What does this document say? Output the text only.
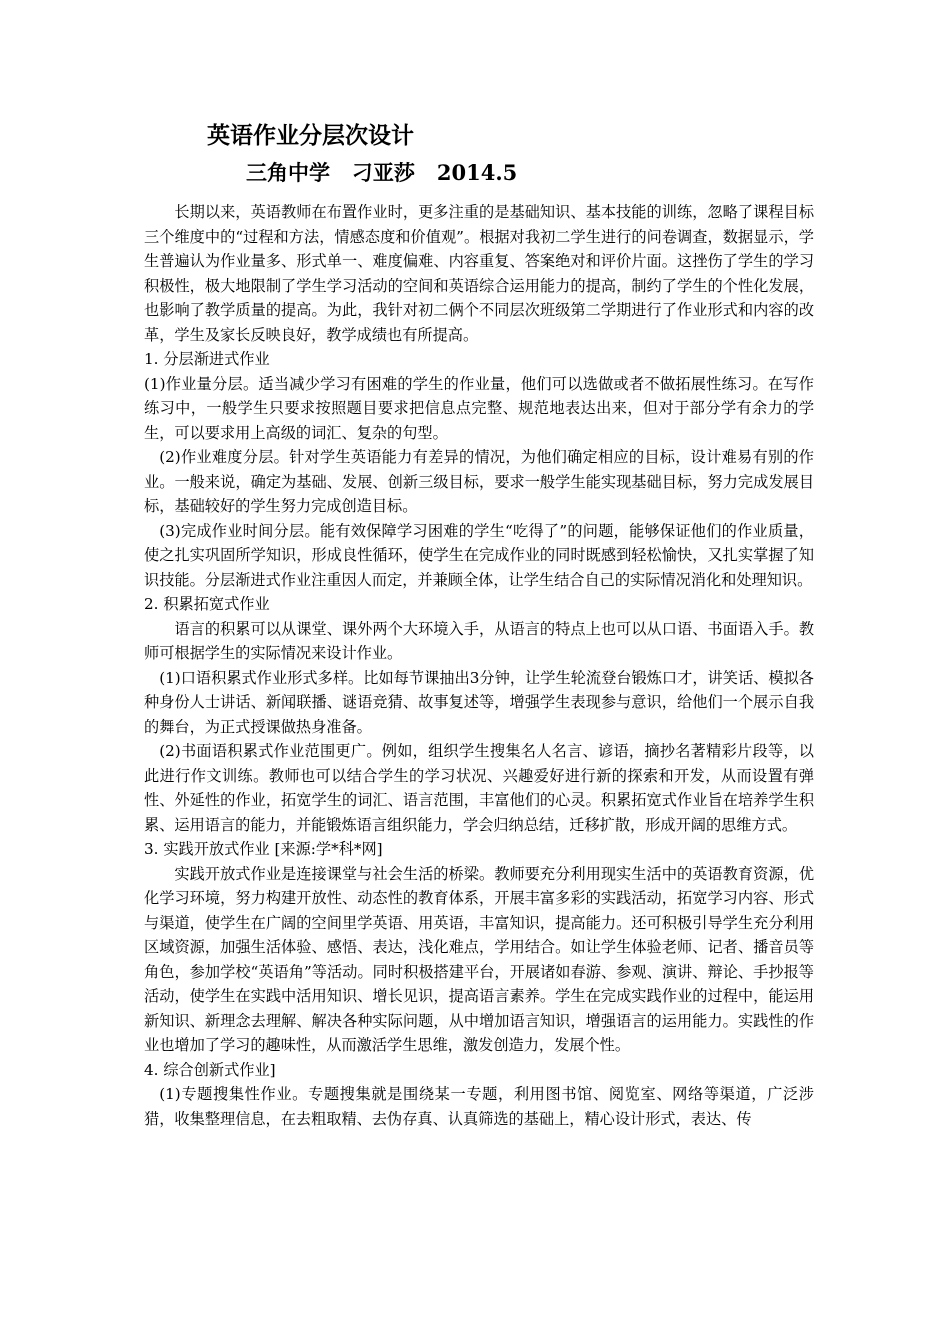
英语作业分层次设计
三角中学   刁亚莎   2014.5

长期以来，英语教师在布置作业时，更多注重的是基础知识、基本技能的训练，忽略了课程目标三个维度中的“过程和方法，情感态度和价值观”。根据对我初二学生进行的问卷调查，数据显示，学生普遍认为作业量多、形式单一、难度偏难、内容重复、答案绝对和评价片面。这挫伤了学生的学习积极性，极大地限制了学生学习活动的空间和英语综合运用能力的提高，制约了学生的个性化发展，也影响了教学质量的提高。为此，我针对初二俩个不同层次班级第二学期进行了作业形式和内容的改革，学生及家长反映良好，教学成绩也有所提高。

1. 分层渐进式作业

(1)作业量分层。适当减少学习有困难的学生的作业量，他们可以选做或者不做拓展性练习。在写作练习中，一般学生只要求按照题目要求把信息点完整、规范地表达出来，但对于部分学有余力的学生，可以要求用上高级的词汇、复杂的句型。

(2)作业难度分层。针对学生英语能力有差异的情况，为他们确定相应的目标，设计难易有别的作业。一般来说，确定为基础、发展、创新三级目标，要求一般学生能实现基础目标，努力完成发展目标，基础较好的学生努力完成创造目标。

(3)完成作业时间分层。能有效保障学习困难的学生“吃得了”的问题，能够保证他们的作业质量，使之扎实巩固所学知识，形成良性循环，使学生在完成作业的同时既感到轻松愉快，又扎实掌握了知识技能。分层渐进式作业注重因人而定，并兼顾全体，让学生结合自己的实际情况消化和处理知识。

2. 积累拓宽式作业

语言的积累可以从课堂、课外两个大环境入手，从语言的特点上也可以从口语、书面语入手。教师可根据学生的实际情况来设计作业。

(1)口语积累式作业形式多样。比如每节课抽出3分钟，让学生轮流登台锻炼口才，讲笑话、模拟各种身份人士讲话、新闻联播、谜语竞猜、故事复述等，增强学生表现参与意识，给他们一个展示自我的舞台，为正式授课做热身准备。

(2)书面语积累式作业范围更广。例如，组织学生搜集名人名言、谚语，摘抄名著精彩片段等，以此进行作文训练。教师也可以结合学生的学习状况、兴趣爱好进行新的探索和开发，从而设置有弹性、外延性的作业，拓宽学生的词汇、语言范围，丰富他们的心灵。积累拓宽式作业旨在培养学生积累、运用语言的能力，并能锻炼语言组织能力，学会归纳总结，迁移扩散，形成开阔的思维方式。

3. 实践开放式作业 [来源:学*科*网]

实践开放式作业是连接课堂与社会生活的桥梁。教师要充分利用现实生活中的英语教育资源，优化学习环境，努力构建开放性、动态性的教育体系，开展丰富多彩的实践活动，拓宽学习内容、形式与渠道，使学生在广阔的空间里学英语、用英语，丰富知识，提高能力。还可积极引导学生充分利用区域资源，加强生活体验、感悟、表达，浅化难点，学用结合。如让学生体验老师、记者、播音员等角色，参加学校“英语角”等活动。同时积极搭建平台，开展诸如春游、参观、演讲、辩论、手抄报等活动，使学生在实践中活用知识、增长见识，提高语言素养。学生在完成实践作业的过程中，能运用新知识、新理念去理解、解决各种实际问题，从中增加语言知识，增强语言的运用能力。实践性的作业也增加了学习的趣味性，从而激活学生思维，激发创造力，发展个性。

4. 综合创新式作业]

(1)专题搜集性作业。专题搜集就是围绕某一专题，利用图书馆、阅览室、网络等渠道，广泛涉猎，收集整理信息，在去粗取精、去伪存真、认真筛选的基础上，精心设计形式，表达、传
